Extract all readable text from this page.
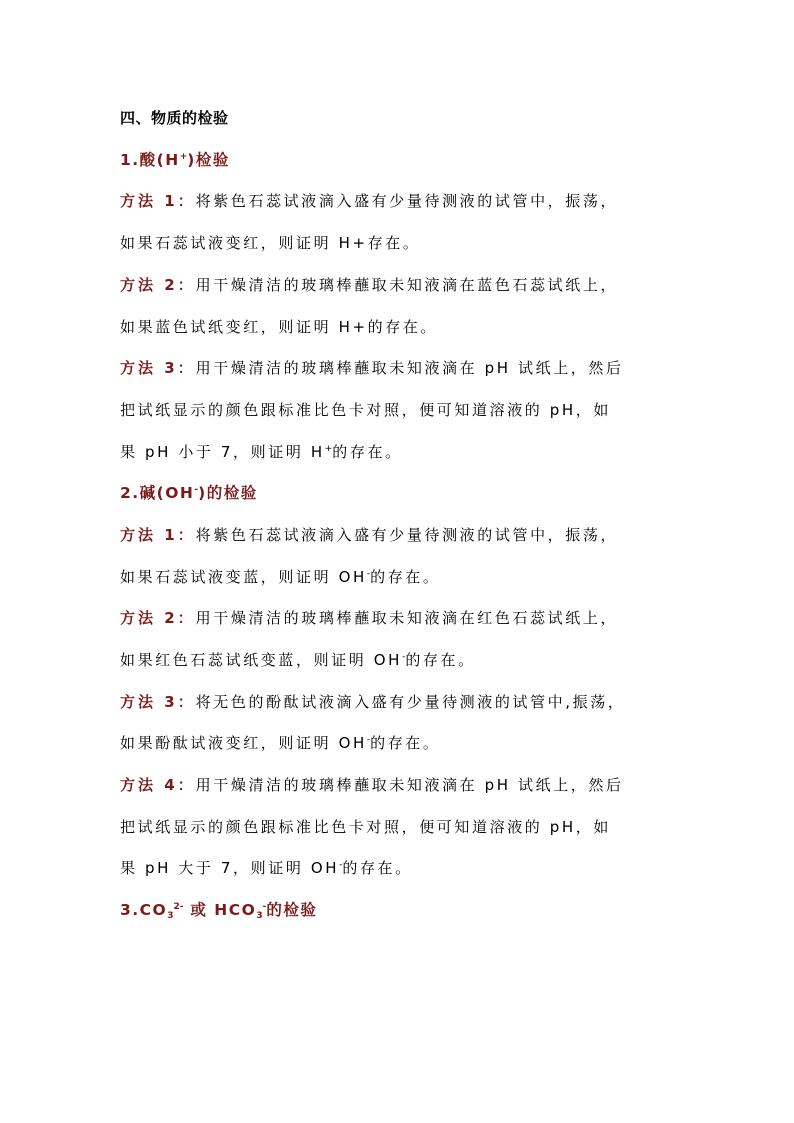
四、物质的检验
1.酸(H+)检验
方法 1：将紫色石蕊试液滴入盛有少量待测液的试管中，振荡，
如果石蕊试液变红，则证明 H+存在。
方法 2：用干燥清洁的玻璃棒蘸取未知液滴在蓝色石蕊试纸上，
如果蓝色试纸变红，则证明 H+的存在。
方法 3：用干燥清洁的玻璃棒蘸取未知液滴在 pH 试纸上，然后
把试纸显示的颜色跟标准比色卡对照，便可知道溶液的 pH，如
果 pH 小于 7，则证明 H+的存在。
2.碱(OH-)的检验
方法 1：将紫色石蕊试液滴入盛有少量待测液的试管中，振荡，
如果石蕊试液变蓝，则证明 OH-的存在。
方法 2：用干燥清洁的玻璃棒蘸取未知液滴在红色石蕊试纸上，
如果红色石蕊试纸变蓝，则证明 OH-的存在。
方法 3：将无色的酚酞试液滴入盛有少量待测液的试管中,振荡，
如果酚酞试液变红，则证明 OH-的存在。
方法 4：用干燥清洁的玻璃棒蘸取未知液滴在 pH 试纸上，然后
把试纸显示的颜色跟标准比色卡对照，便可知道溶液的 pH，如
果 pH 大于 7，则证明 OH-的存在。
$3.CO_3^{2-}$ 或 $HCO_3^-$的检验
